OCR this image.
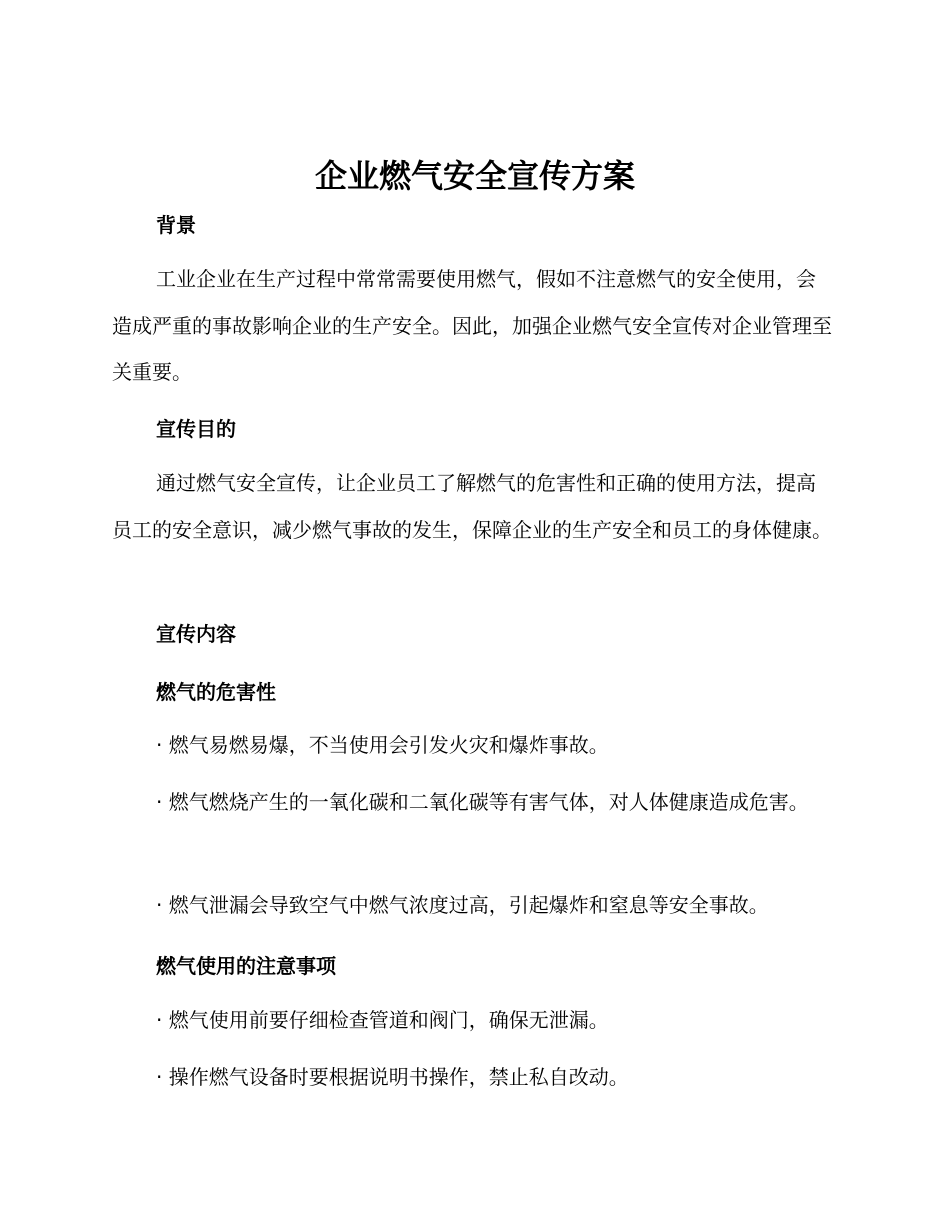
企业燃气安全宣传方案
背景
工业企业在生产过程中常常需要使用燃气，假如不注意燃气的安全使用，会造成严重的事故影响企业的生产安全。因此，加强企业燃气安全宣传对企业管理至关重要。
宣传目的
通过燃气安全宣传，让企业员工了解燃气的危害性和正确的使用方法，提高员工的安全意识，减少燃气事故的发生，保障企业的生产安全和员工的身体健康。
宣传内容
燃气的危害性
· 燃气易燃易爆，不当使用会引发火灾和爆炸事故。
· 燃气燃烧产生的一氧化碳和二氧化碳等有害气体，对人体健康造成危害。
· 燃气泄漏会导致空气中燃气浓度过高，引起爆炸和窒息等安全事故。
燃气使用的注意事项
· 燃气使用前要仔细检查管道和阀门，确保无泄漏。
· 操作燃气设备时要根据说明书操作，禁止私自改动。
